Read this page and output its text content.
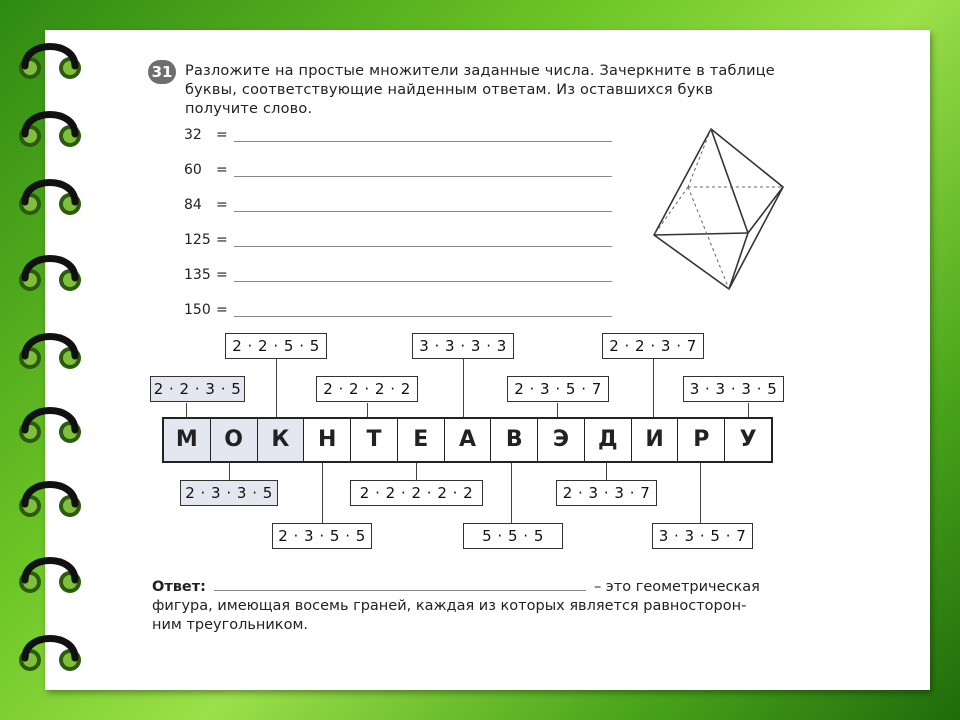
31 Разложите на простые множители заданные числа. Зачеркните в таблице буквы, соответствующие найденным ответам. Из оставшихся букв получите слово.
32 =
60 =
84 =
125 =
135 =
150 =
2 · 2 · 5 · 5	3 · 3 · 3 · 3	2 · 2 · 3 · 7
2 · 2 · 3 · 5	2 · 2 · 2 · 2	2 · 3 · 5 · 7	3 · 3 · 3 · 5
М	О	К	Н	Т	Е	А	В	Э	Д	И	Р	У
2 · 3 · 3 · 5	2 · 2 · 2 · 2 · 2	2 · 3 · 3 · 7
2 · 3 · 5 · 5	5 · 5 · 5	3 · 3 · 5 · 7
Ответ:	– это геометрическая
фигура, имеющая восемь граней, каждая из которых является равносторон-
ним треугольником.
